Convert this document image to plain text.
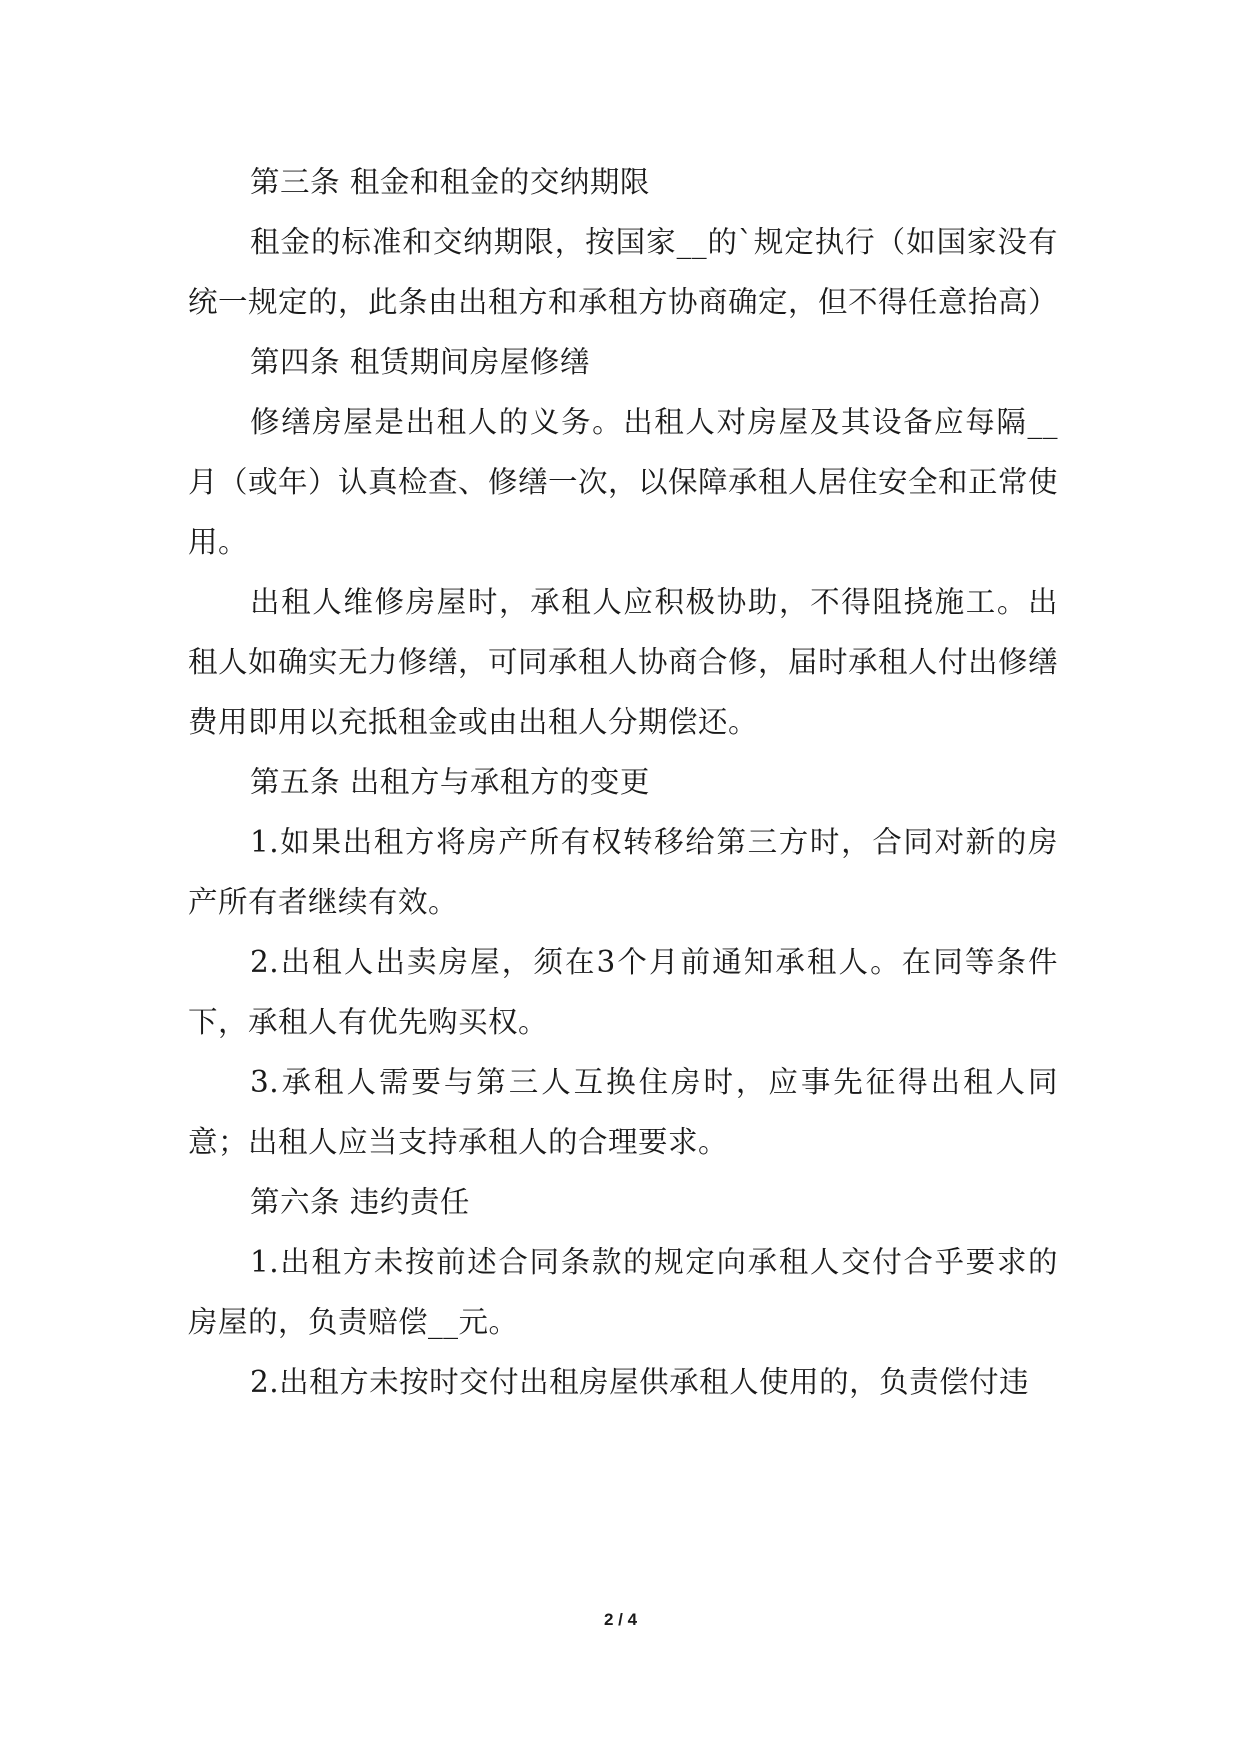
第三条 租金和租金的交纳期限

租金的标准和交纳期限，按国家__的`规定执行（如国家没有统一规定的，此条由出租方和承租方协商确定，但不得任意抬高）

第四条 租赁期间房屋修缮

修缮房屋是出租人的义务。出租人对房屋及其设备应每隔__月（或年）认真检查、修缮一次，以保障承租人居住安全和正常使用。

出租人维修房屋时，承租人应积极协助，不得阻挠施工。出租人如确实无力修缮，可同承租人协商合修，届时承租人付出修缮费用即用以充抵租金或由出租人分期偿还。

第五条 出租方与承租方的变更

1.如果出租方将房产所有权转移给第三方时，合同对新的房产所有者继续有效。

2.出租人出卖房屋，须在3个月前通知承租人。在同等条件下，承租人有优先购买权。

3.承租人需要与第三人互换住房时，应事先征得出租人同意；出租人应当支持承租人的合理要求。

第六条 违约责任

1.出租方未按前述合同条款的规定向承租人交付合乎要求的房屋的，负责赔偿__元。

2.出租方未按时交付出租房屋供承租人使用的，负责偿付违

2 / 4
